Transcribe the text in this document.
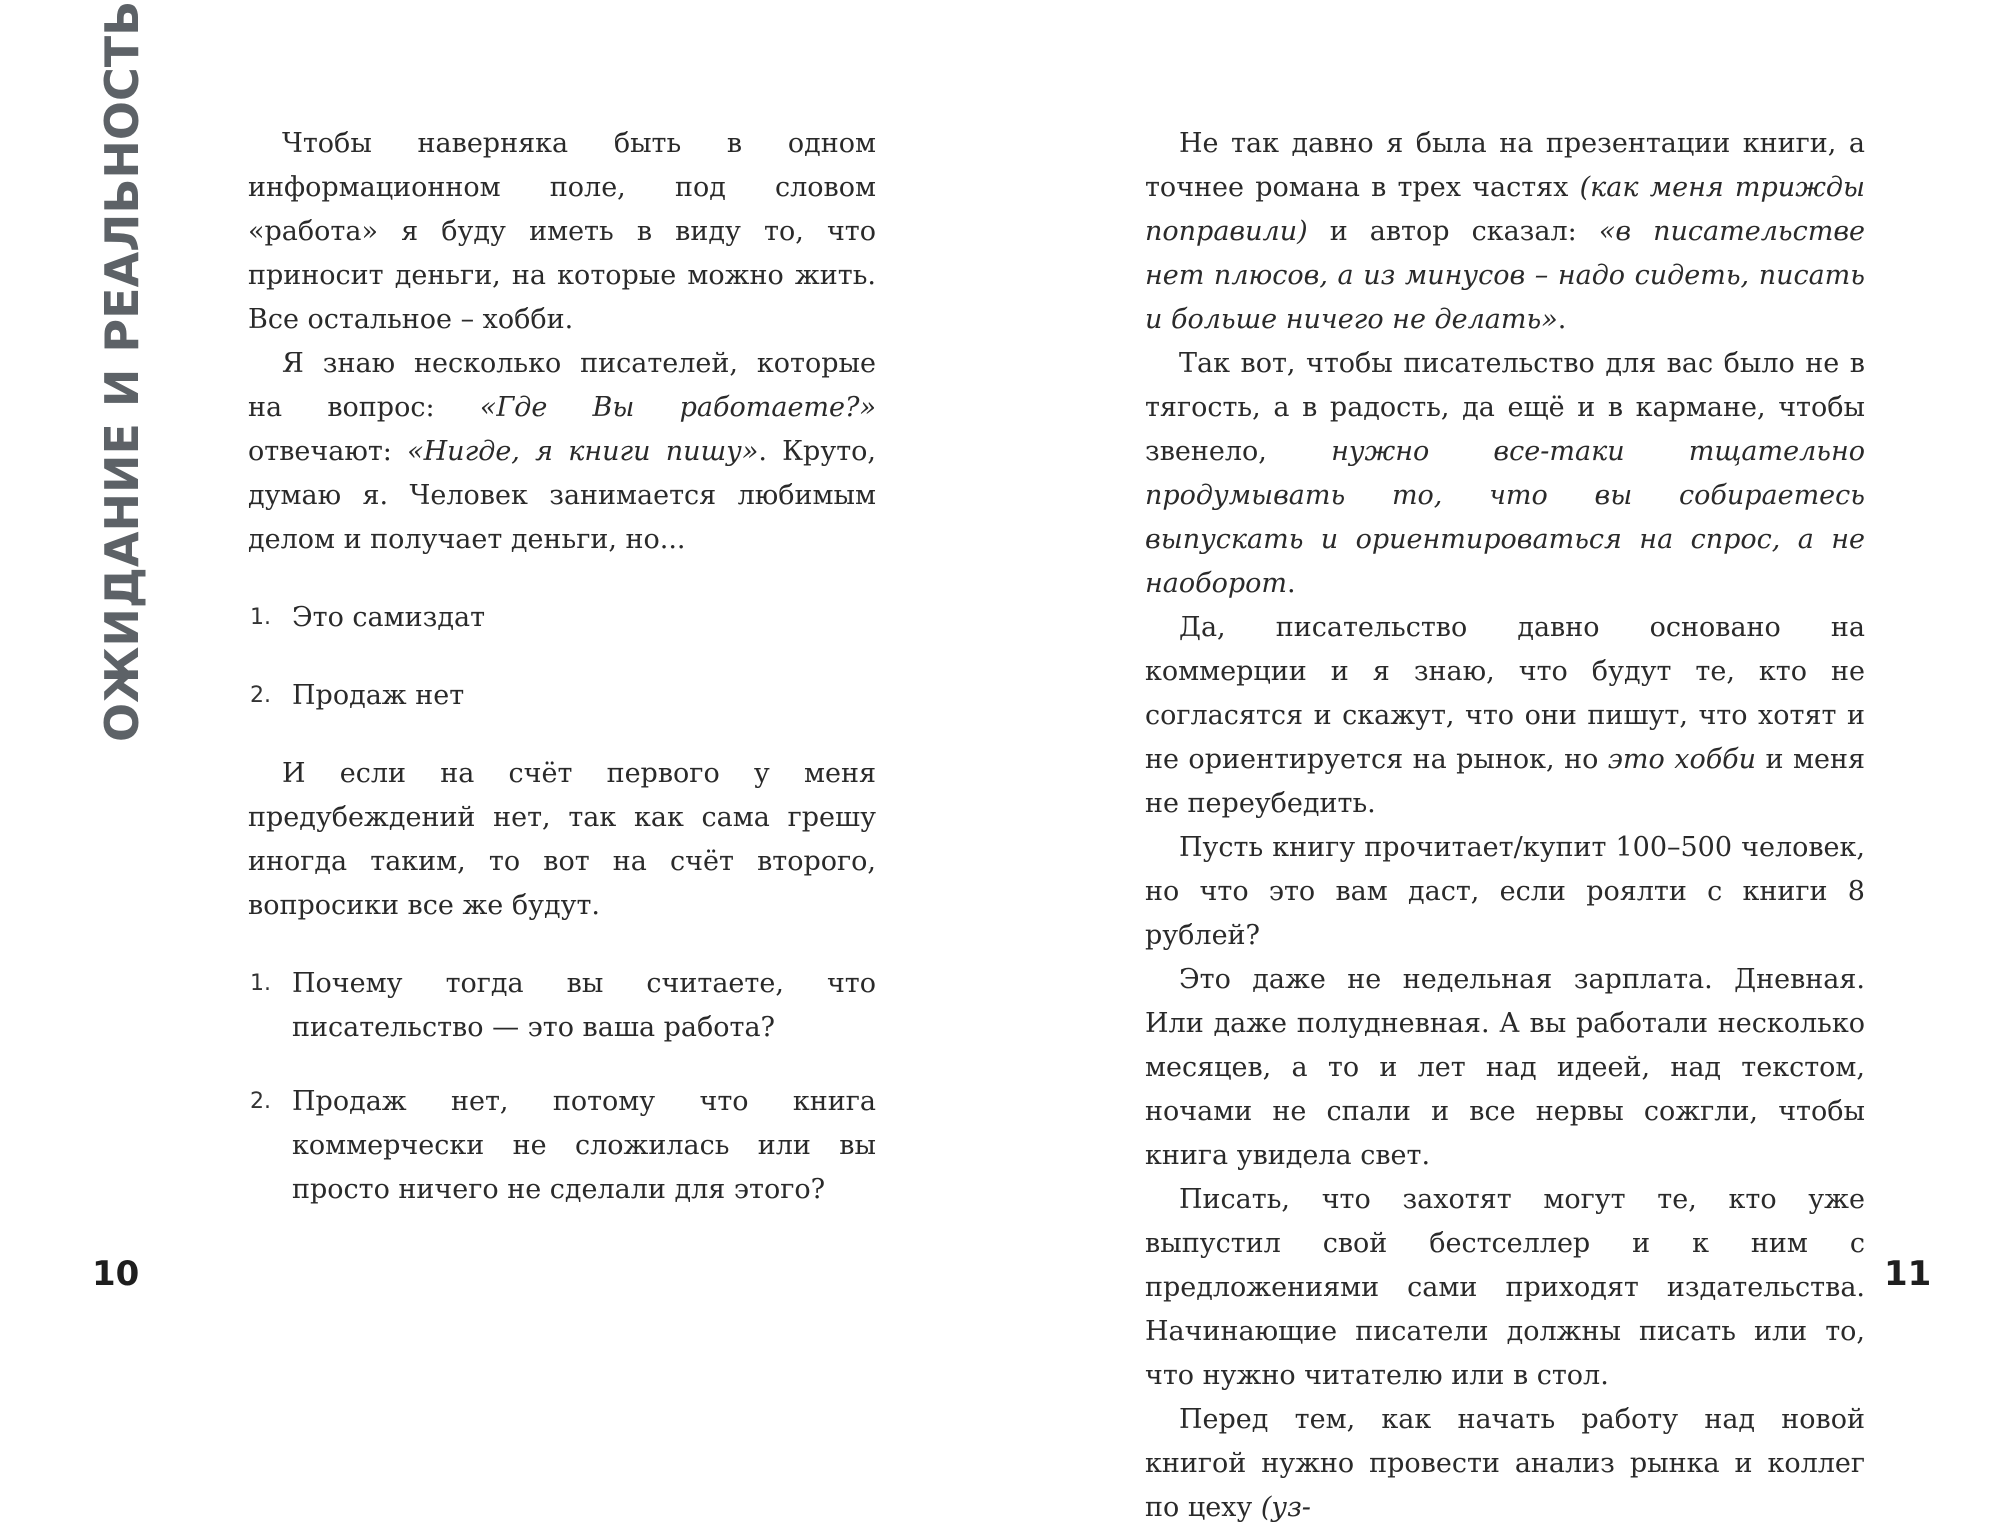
ОЖИДАНИЕ И РЕАЛЬНОСТЬ	Чтобы наверняка быть в одном информационном поле, под словом «работа» я буду иметь в виду то, что приносит деньги, на которые можно жить. Все остальное – хобби.

Я знаю несколько писателей, которые на вопрос: «Где Вы работаете?» отвечают: «Нигде, я книги пишу». Круто, думаю я. Человек занимается любимым делом и получает деньги, но...

1. Это самиздат
2. Продаж нет

И если на счёт первого у меня предубеждений нет, так как сама грешу иногда таким, то вот на счёт второго, вопросики все же будут.

1. Почему тогда вы считаете, что писательство — это ваша работа?
2. Продаж нет, потому что книга коммерчески не сложилась или вы просто ничего не сделали для этого?
10

Не так давно я была на презентации книги, а точнее романа в трех частях (как меня трижды поправили) и автор сказал: «в писательстве нет плюсов, а из минусов – надо сидеть, писать и больше ничего не делать».

Так вот, чтобы писательство для вас было не в тягость, а в радость, да ещё и в кармане, чтобы звенело, нужно все-таки тщательно продумывать то, что вы собираетесь выпускать и ориентироваться на спрос, а не наоборот.

Да, писательство давно основано на коммерции и я знаю, что будут те, кто не согласятся и скажут, что они пишут, что хотят и не ориентируется на рынок, но это хобби и меня не переубедить.

Пусть книгу прочитает/купит 100–500 человек, но что это вам даст, если роялти с книги 8 рублей?

Это даже не недельная зарплата. Дневная. Или даже полудневная. А вы работали несколько месяцев, а то и лет над идеей, над текстом, ночами не спали и все нервы сожгли, чтобы книга увидела свет.

Писать, что захотят могут те, кто уже выпустил свой бестселлер и к ним с предложениями сами приходят издательства. Начинающие писатели должны писать или то, что нужно читателю или в стол.

Перед тем, как начать работу над новой книгой нужно провести анализ рынка и коллег по цеху (уз-

11
